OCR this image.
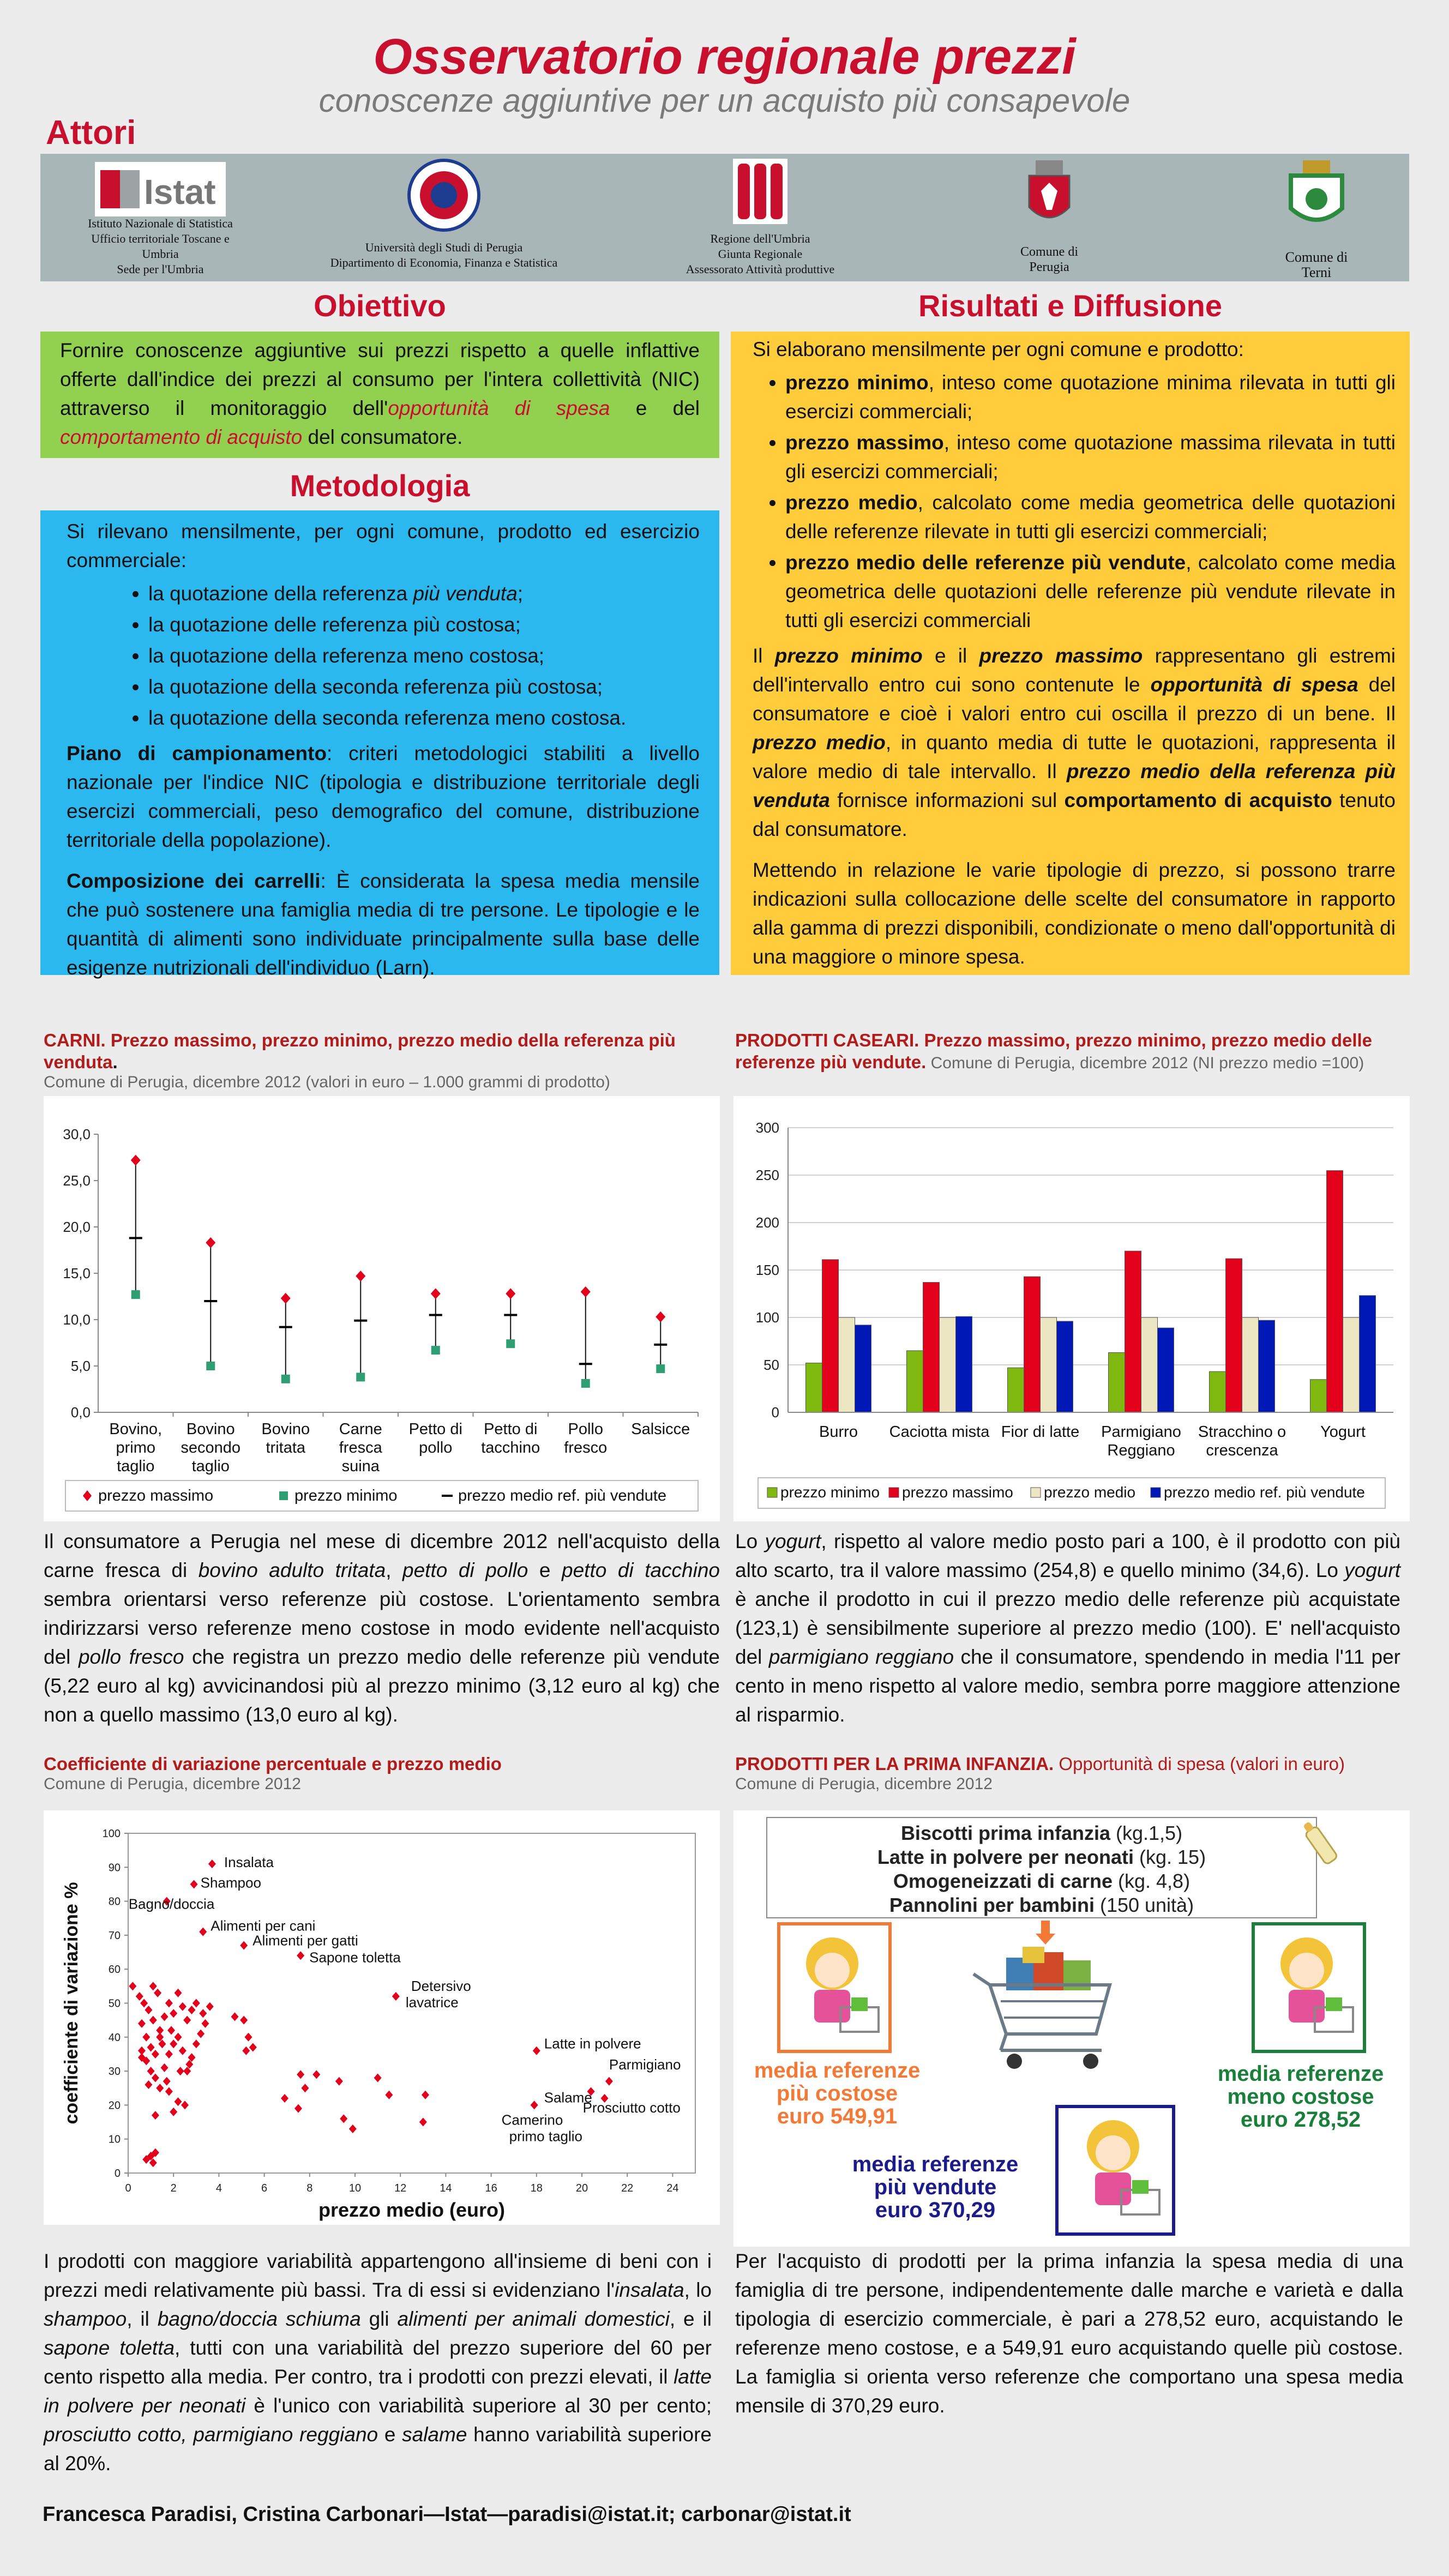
Osservatorio regionale prezzi
conoscenze aggiuntive per un acquisto più consapevole
Attori
Istat
Istituto Nazionale di Statistica
Ufficio territoriale Toscane e Umbria
Sede per l'Umbria
Università degli Studi di Perugia
Dipartimento di Economia, Finanza e Statistica
Regione dell'Umbria
Giunta Regionale
Assessorato Attività produttive
Comune di
Perugia
Comune di
Terni
Obiettivo

Fornire conoscenze aggiuntive sui prezzi rispetto a quelle inflattive offerte dall'indice dei prezzi al consumo per l'intera collettività (NIC) attraverso il monitoraggio dell'opportunità di spesa e del comportamento di acquisto del consumatore.

Metodologia

Si rilevano mensilmente, per ogni comune, prodotto ed esercizio commerciale:

• la quotazione della referenza più venduta;
• la quotazione delle referenza più costosa;
• la quotazione della referenza meno costosa;
• la quotazione della seconda referenza più costosa;
• la quotazione della seconda referenza meno costosa.

Piano di campionamento: criteri metodologici stabiliti a livello nazionale per l'indice NIC (tipologia e distribuzione territoriale degli esercizi commerciali, peso demografico del comune, distribuzione territoriale della popolazione).

Composizione dei carrelli: È considerata la spesa media mensile che può sostenere una famiglia media di tre persone. Le tipologie e le quantità di alimenti sono individuate principalmente sulla base delle esigenze nutrizionali dell'individuo (Larn).

Risultati e Diffusione

Si elaborano mensilmente per ogni comune e prodotto:

• prezzo minimo, inteso come quotazione minima rilevata in tutti gli esercizi commerciali;
• prezzo massimo, inteso come quotazione massima rilevata in tutti gli esercizi commerciali;
• prezzo medio, calcolato come media geometrica delle quotazioni delle referenze rilevate in tutti gli esercizi commerciali;
• prezzo medio delle referenze più vendute, calcolato come media geometrica delle quotazioni delle referenze più vendute rilevate in tutti gli esercizi commerciali

Il prezzo minimo e il prezzo massimo rappresentano gli estremi dell'intervallo entro cui sono contenute le opportunità di spesa del consumatore e cioè i valori entro cui oscilla il prezzo di un bene. Il prezzo medio, in quanto media di tutte le quotazioni, rappresenta il valore medio di tale intervallo. Il prezzo medio della referenza più venduta fornisce informazioni sul comportamento di acquisto tenuto dal consumatore.

Mettendo in relazione le varie tipologie di prezzo, si possono trarre indicazioni sulla collocazione delle scelte del consumatore in rapporto alla gamma di prezzi disponibili, condizionate o meno dall'opportunità di una maggiore o minore spesa.

CARNI. Prezzo massimo, prezzo minimo, prezzo medio della referenza più venduta.
Comune di Perugia, dicembre 2012 (valori in euro – 1.000 grammi di prodotto)
0,0
5,0
10,0
15,0
20,0
25,0
30,0
Bovino, primo taglio
Bovino secondo taglio
Bovino tritata
Carne fresca suina
Petto di pollo
Petto di tacchino
Pollo fresco
Salsicce
prezzo massimo	prezzo minimo	prezzo medio ref. più vendute
Il consumatore a Perugia nel mese di dicembre 2012 nell'acquisto della carne fresca di bovino adulto tritata, petto di pollo e petto di tacchino sembra orientarsi verso referenze più costose. L'orientamento sembra indirizzarsi verso referenze meno costose in modo evidente nell'acquisto del pollo fresco che registra un prezzo medio delle referenze più vendute (5,22 euro al kg) avvicinandosi più al prezzo minimo (3,12 euro al kg) che non a quello massimo (13,0 euro al kg).
PRODOTTI CASEARI. Prezzo massimo, prezzo minimo, prezzo medio delle referenze più vendute. Comune di Perugia, dicembre 2012 (NI prezzo medio =100)
0
50
100
150
200
250
300
Burro Caciotta mista Fior di latte Parmigiano Reggiano
Stracchino o crescenza
Yogurt
prezzo minimo prezzo massimo prezzo medio prezzo medio ref. più vendute
Lo yogurt, rispetto al valore medio posto pari a 100, è il prodotto con più alto scarto, tra il valore massimo (254,8) e quello minimo (34,6). Lo yogurt è anche il prodotto in cui il prezzo medio delle referenze più acquistate (123,1) è sensibilmente superiore al prezzo medio (100). E' nell'acquisto del parmigiano reggiano che il consumatore, spendendo in media l'11 per cento in meno rispetto al valore medio, sembra porre maggiore attenzione al risparmio.
Coefficiente di variazione percentuale e prezzo medio
Comune di Perugia, dicembre 2012
0
10
20
30
40
50
60
70
80
90
100
0	2	4	6	8	10	12	14	16	18	20	22	24
prezzo medio (euro)
coefficiente di variazione %
Insalata
Shampoo
Bagno/doccia
Alimenti per cani
Alimenti per gatti
Sapone toletta
Detersivo
lavatrice
Latte in polvere
Parmigiano
Salame
Prosciutto cotto
Camerino
primo taglio
I prodotti con maggiore variabilità appartengono all'insieme di beni con i prezzi medi relativamente più bassi. Tra di essi si evidenziano l'insalata, lo shampoo, il bagno/doccia schiuma gli alimenti per animali domestici, e il sapone toletta, tutti con una variabilità del prezzo superiore del 60 per cento rispetto alla media. Per contro, tra i prodotti con prezzi elevati, il latte in polvere per neonati è l'unico con variabilità superiore al 30 per cento; prosciutto cotto, parmigiano reggiano e salame hanno variabilità superiore al 20%.
PRODOTTI PER LA PRIMA INFANZIA. Opportunità di spesa (valori in euro)
Comune di Perugia, dicembre 2012
Biscotti prima infanzia (kg.1,5)
Latte in polvere per neonati (kg. 15)
Omogeneizzati di carne (kg. 4,8)
Pannolini per bambini (150 unità)
media referenze
più costose
euro 549,91
media referenze
meno costose
euro 278,52
media referenze
più vendute
euro 370,29
Per l'acquisto di prodotti per la prima infanzia la spesa media di una famiglia di tre persone, indipendentemente dalle marche e varietà e dalla tipologia di esercizio commerciale, è pari a 278,52 euro, acquistando le referenze meno costose, e a 549,91 euro acquistando quelle più costose. La famiglia si orienta verso referenze che comportano una spesa media mensile di 370,29 euro.
Francesca Paradisi, Cristina Carbonari—Istat—paradisi@istat.it; carbonar@istat.it
